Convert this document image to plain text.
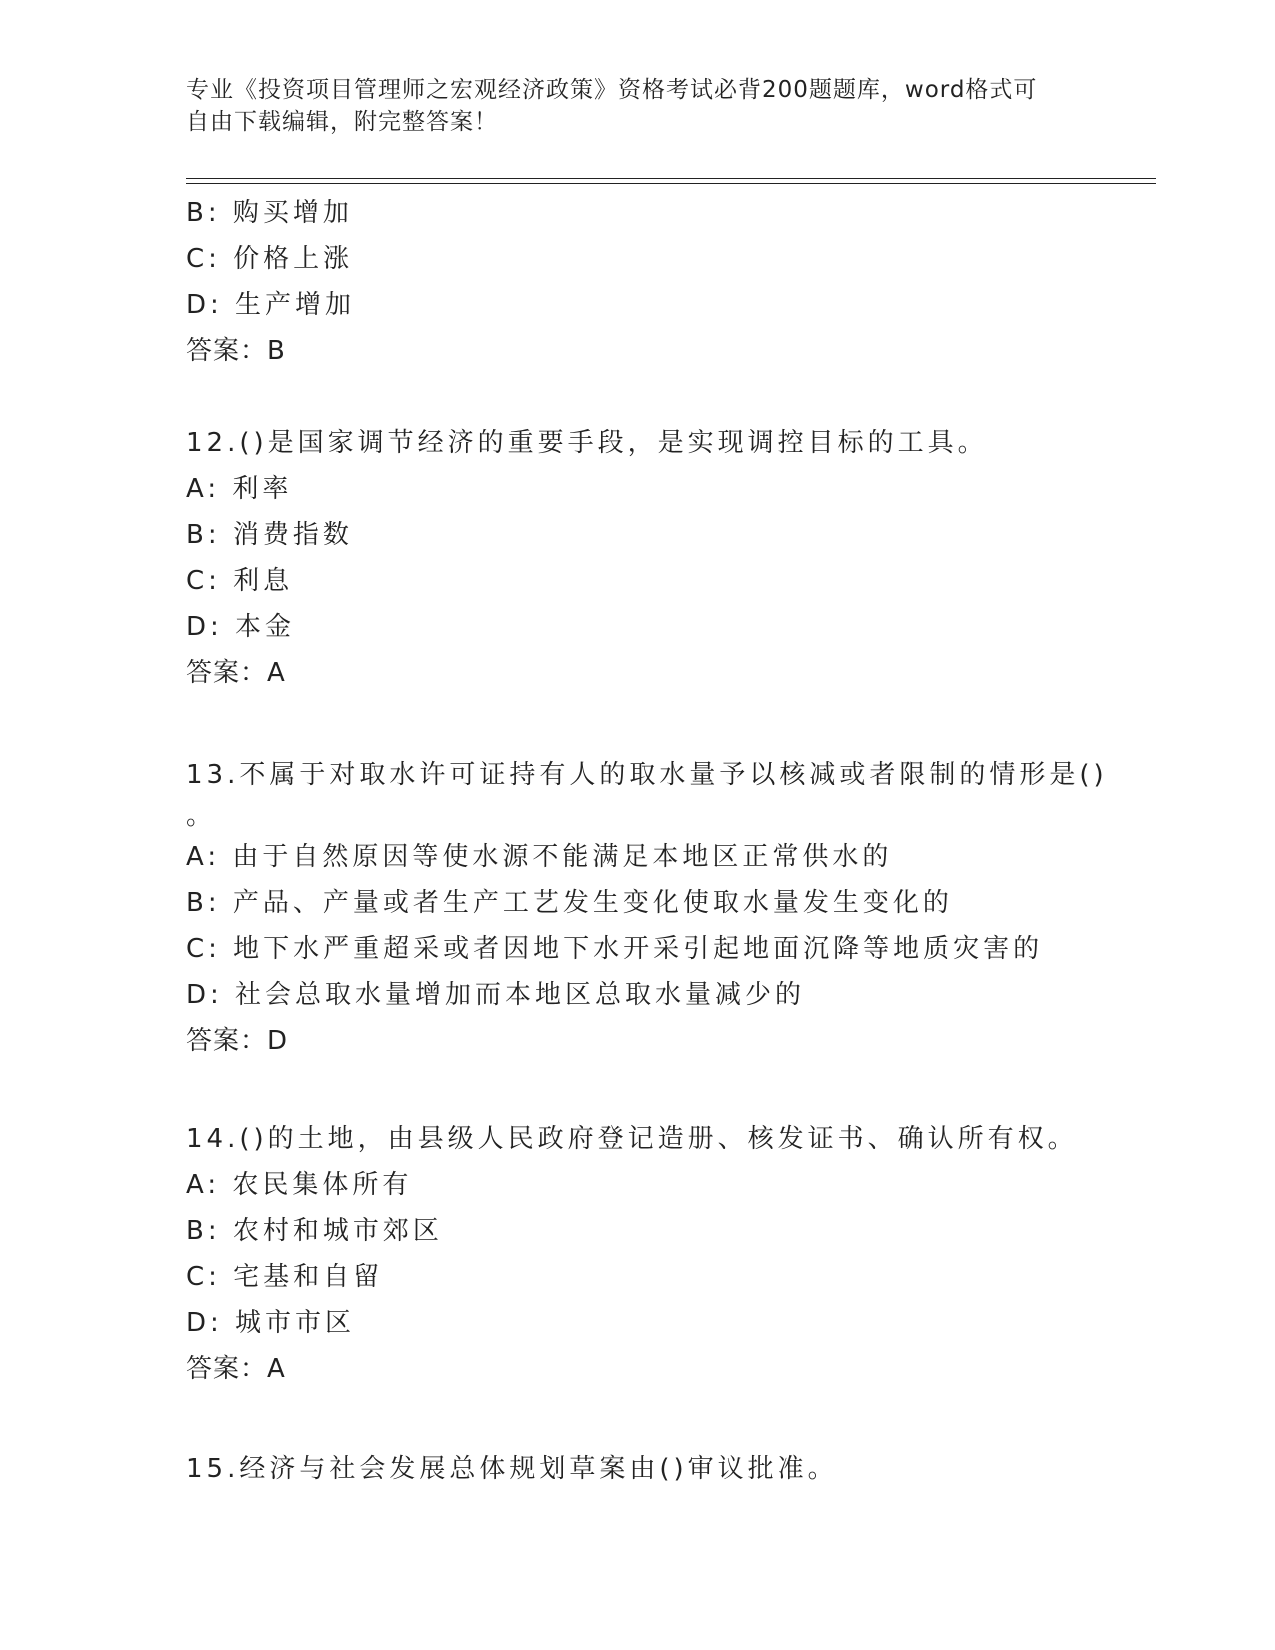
专业《投资项目管理师之宏观经济政策》资格考试必背200题题库，word格式可
自由下载编辑，附完整答案！
B: 购买增加
C: 价格上涨
D: 生产增加
答案：B
12.()是国家调节经济的重要手段，是实现调控目标的工具。
A: 利率
B: 消费指数
C: 利息
D: 本金
答案：A
13.不属于对取水许可证持有人的取水量予以核减或者限制的情形是()
。
A: 由于自然原因等使水源不能满足本地区正常供水的
B: 产品、产量或者生产工艺发生变化使取水量发生变化的
C: 地下水严重超采或者因地下水开采引起地面沉降等地质灾害的
D: 社会总取水量增加而本地区总取水量减少的
答案：D
14.()的土地，由县级人民政府登记造册、核发证书、确认所有权。
A: 农民集体所有
B: 农村和城市郊区
C: 宅基和自留
D: 城市市区
答案：A
15.经济与社会发展总体规划草案由()审议批准。
